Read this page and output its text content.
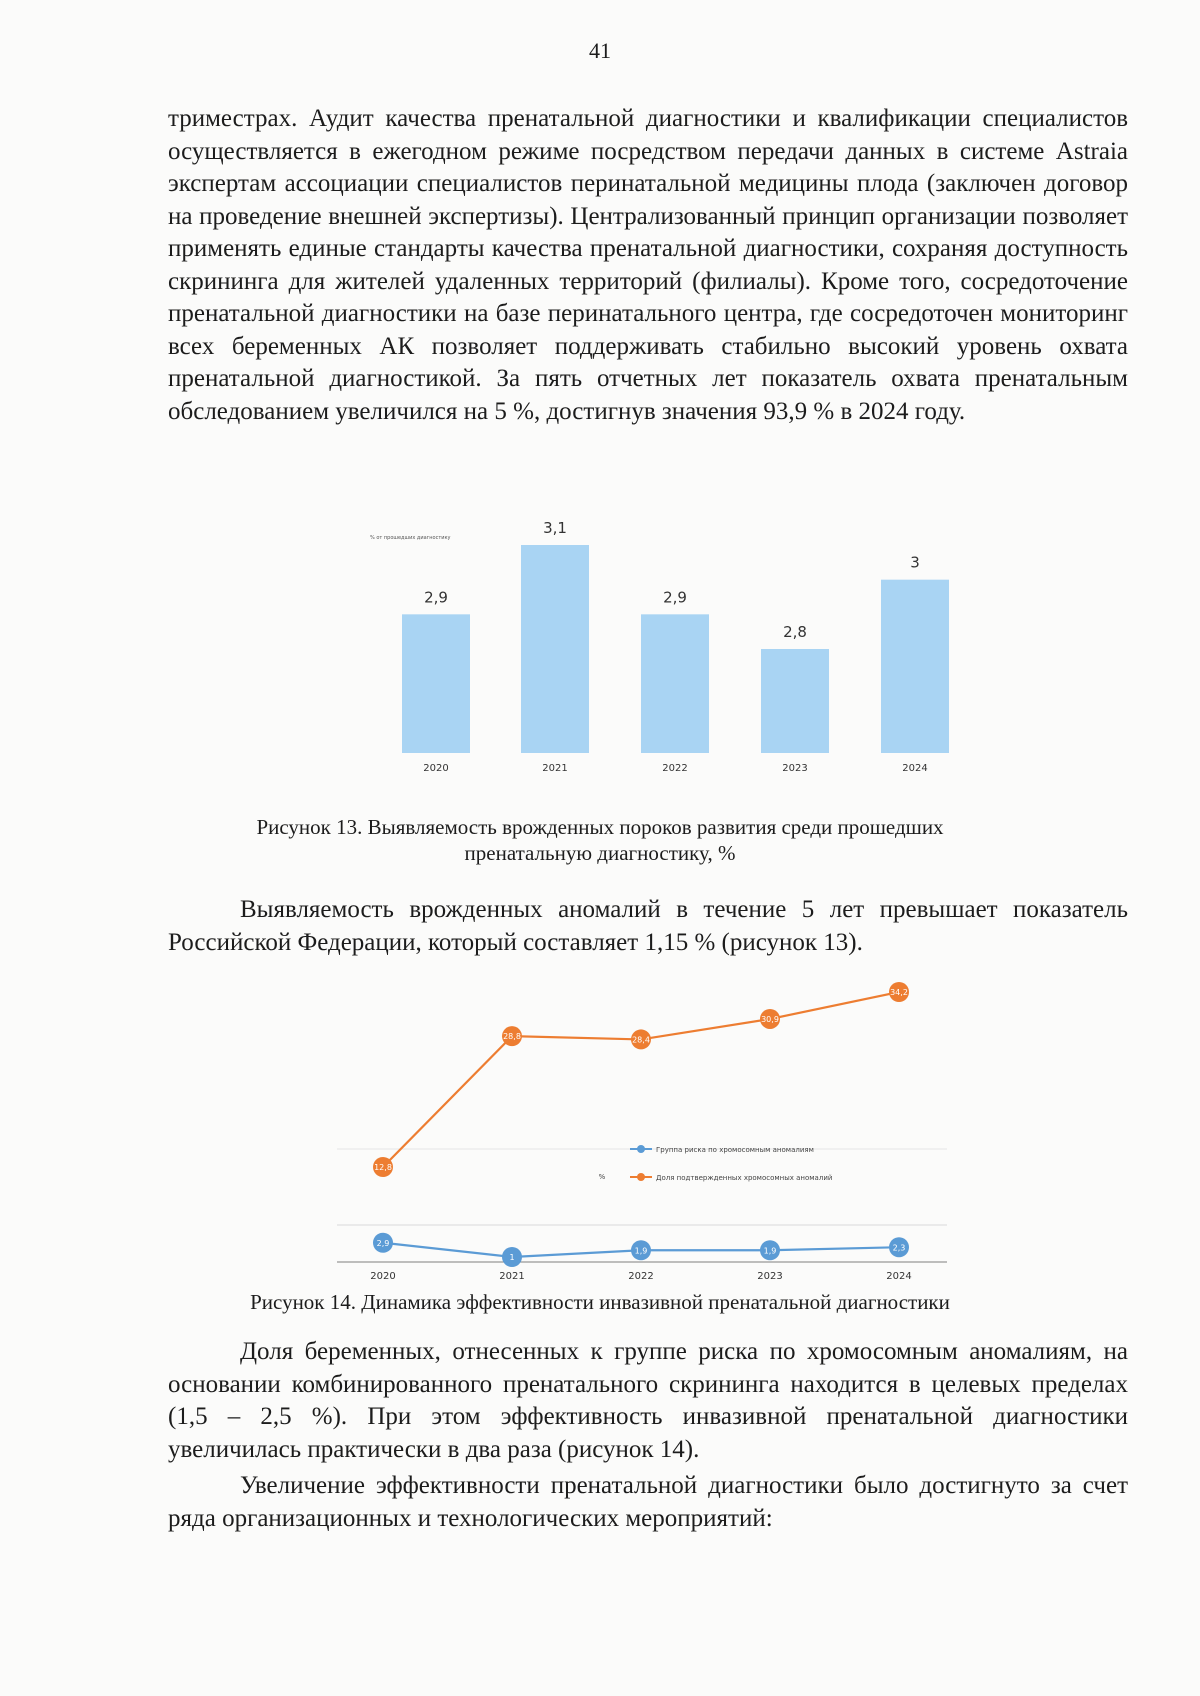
41

триместрах. Аудит качества пренатальной диагностики и квалификации специалистов осуществляется в ежегодном режиме посредством передачи данных в системе Astraia экспертам ассоциации специалистов перинатальной медицины плода (заключен договор на проведение внешней экспертизы). Централизованный принцип организации позволяет применять единые стандарты качества пренатальной диагностики, сохраняя доступность скрининга для жителей удаленных территорий (филиалы). Кроме того, сосредоточение пренатальной диагностики на базе перинатального центра, где сосредоточен мониторинг всех беременных АК позволяет поддерживать стабильно высокий уровень охвата пренатальной диагностикой. За пять отчетных лет показатель охвата пренатальным обследованием увеличился на 5 %, достигнув значения 93,9 % в 2024 году.

% от прошедших диагностику
2,9
2020
3,1
2021
2,9
2022
2,8
2023
3
2024
Рисунок 13. Выявляемость врожденных пороков развития среди прошедших
пренатальную диагностику, %

Выявляемость врожденных аномалий в течение 5 лет превышает показатель Российской Федерации, который составляет 1,15 % (рисунок 13).

%
2,9
1
1,9	1,9	2,3
12,8
28,8	28,4
30,9
34,2
2020	2021	2022	2023	2024
Группа риска по хромосомным аномалиям
Доля подтвержденных хромосомных аномалий
Рисунок 14. Динамика эффективности инвазивной пренатальной диагностики

Доля беременных, отнесенных к группе риска по хромосомным аномалиям, на основании комбинированного пренатального скрининга находится в целевых пределах (1,5 – 2,5 %). При этом эффективность инвазивной пренатальной диагностики увеличилась практически в два раза (рисунок 14).

Увеличение эффективности пренатальной диагностики было достигнуто за счет ряда организационных и технологических мероприятий:
